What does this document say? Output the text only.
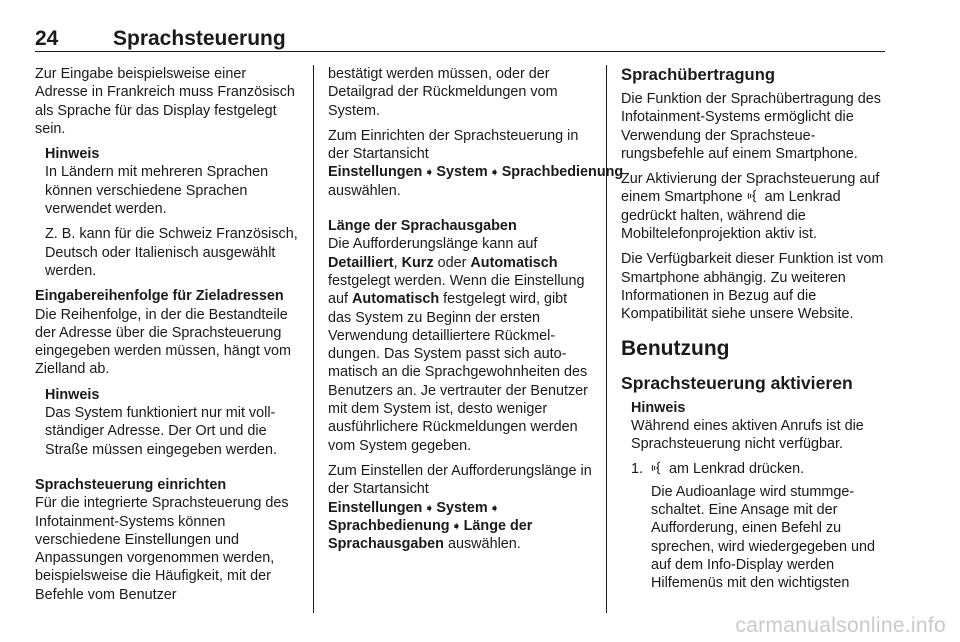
24	Sprachsteuerung

Zur Eingabe beispielsweise einer Adresse in Frankreich muss Französisch als Sprache für das Display festgelegt sein.

Hinweis

In Ländern mit mehreren Sprachen können verschiedene Sprachen verwendet werden.

Z. B. kann für die Schweiz Französisch, Deutsch oder Italienisch ausgewählt werden.

Eingabereihenfolge für Zieladressen

Die Reihenfolge, in der die Bestandteile der Adresse über die Sprachsteuerung eingegeben werden müssen, hängt vom Zielland ab.

Hinweis

Das System funktioniert nur mit vollständiger Adresse. Der Ort und die Straße müssen eingegeben werden.

Sprachsteuerung einrichten

Für die integrierte Sprachsteuerung des Infotainment-Systems können verschiedene Einstellungen und Anpassungen vorgenommen werden, beispielsweise die Häufigkeit, mit der Befehle vom Benutzer

bestätigt werden müssen, oder der Detailgrad der Rückmeldungen vom System.

Zum Einrichten der Sprachsteuerung in der Startansicht Einstellungen ➧ System ➧ Sprachbedienung auswählen.

Länge der Sprachausgaben

Die Aufforderungslänge kann auf Detailliert, Kurz oder Automatisch festgelegt werden. Wenn die Einstellung auf Automatisch festgelegt wird, gibt das System zu Beginn der ersten Verwendung detailliertere Rückmeldungen. Das System passt sich automatisch an die Sprachgewohnheiten des Benutzers an. Je vertrauter der Benutzer mit dem System ist, desto weniger ausführlichere Rückmeldungen werden vom System gegeben.

Zum Einstellen der Aufforderungslänge in der Startansicht
Einstellungen ➧ System ➧
Sprachbedienung ➧ Länge der Sprachausgaben auswählen.

Sprachübertragung

Die Funktion der Sprachübertragung des Infotainment-Systems ermöglicht die Verwendung der Sprachsteuerungsbefehle auf einem Smartphone.

Zur Aktivierung der Sprachsteuerung auf einem Smartphone  am Lenkrad gedrückt halten, während die Mobiltelefonprojektion aktiv ist.

Die Verfügbarkeit dieser Funktion ist vom Smartphone abhängig. Zu weiteren Informationen in Bezug auf die Kompatibilität siehe unsere Website.

Benutzung
Sprachsteuerung aktivieren
Hinweis

Während eines aktiven Anrufs ist die Sprachsteuerung nicht verfügbar.

1.	am Lenkrad drücken.
Die Audioanlage wird stummgeschaltet. Eine Ansage mit der Aufforderung, einen Befehl zu sprechen, wird wiedergegeben und auf dem Info-Display werden Hilfemenüs mit den wichtigsten
carmanualsonline.info
